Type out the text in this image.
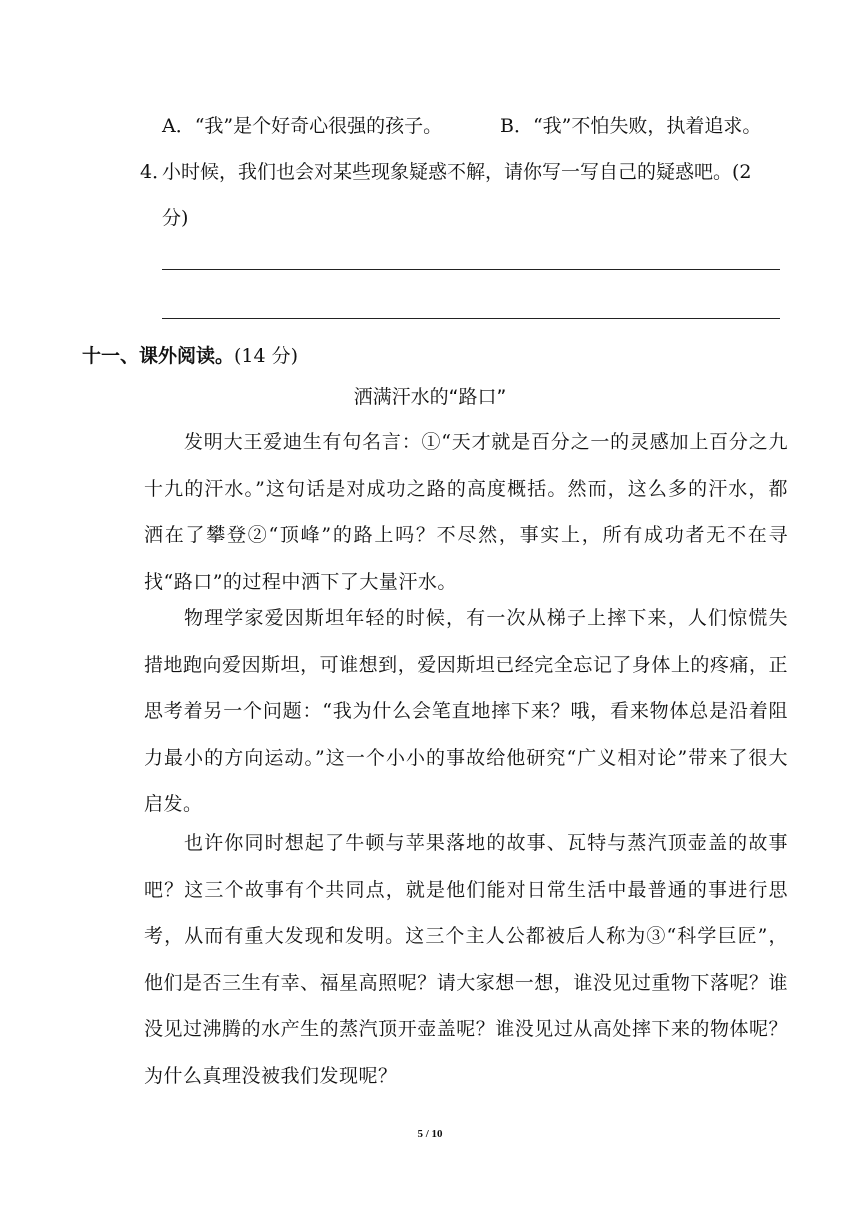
A．“我”是个好奇心很强的孩子。	B．“我”不怕失败，执着追求。
4．
小时候，我们也会对某些现象疑惑不解，请你写一写自己的疑惑吧。(2
分)
十一、课外阅读。(14 分)
洒满汗水的“路口”

发明大王爱迪生有句名言：①“天才就是百分之一的灵感加上百分之九十九的汗水。”这句话是对成功之路的高度概括。然而，这么多的汗水，都洒在了攀登②“顶峰”的路上吗？不尽然，事实上，所有成功者无不在寻找“路口”的过程中洒下了大量汗水。

物理学家爱因斯坦年轻的时候，有一次从梯子上摔下来，人们惊慌失措地跑向爱因斯坦，可谁想到，爱因斯坦已经完全忘记了身体上的疼痛，正思考着另一个问题：“我为什么会笔直地摔下来？哦，看来物体总是沿着阻力最小的方向运动。”这一个小小的事故给他研究“广义相对论”带来了很大启发。

也许你同时想起了牛顿与苹果落地的故事、瓦特与蒸汽顶壶盖的故事吧？这三个故事有个共同点，就是他们能对日常生活中最普通的事进行思考，从而有重大发现和发明。这三个主人公都被后人称为③“科学巨匠”，他们是否三生有幸、福星高照呢？请大家想一想，谁没见过重物下落呢？谁没见过沸腾的水产生的蒸汽顶开壶盖呢？谁没见过从高处摔下来的物体呢？为什么真理没被我们发现呢？

5 / 10
